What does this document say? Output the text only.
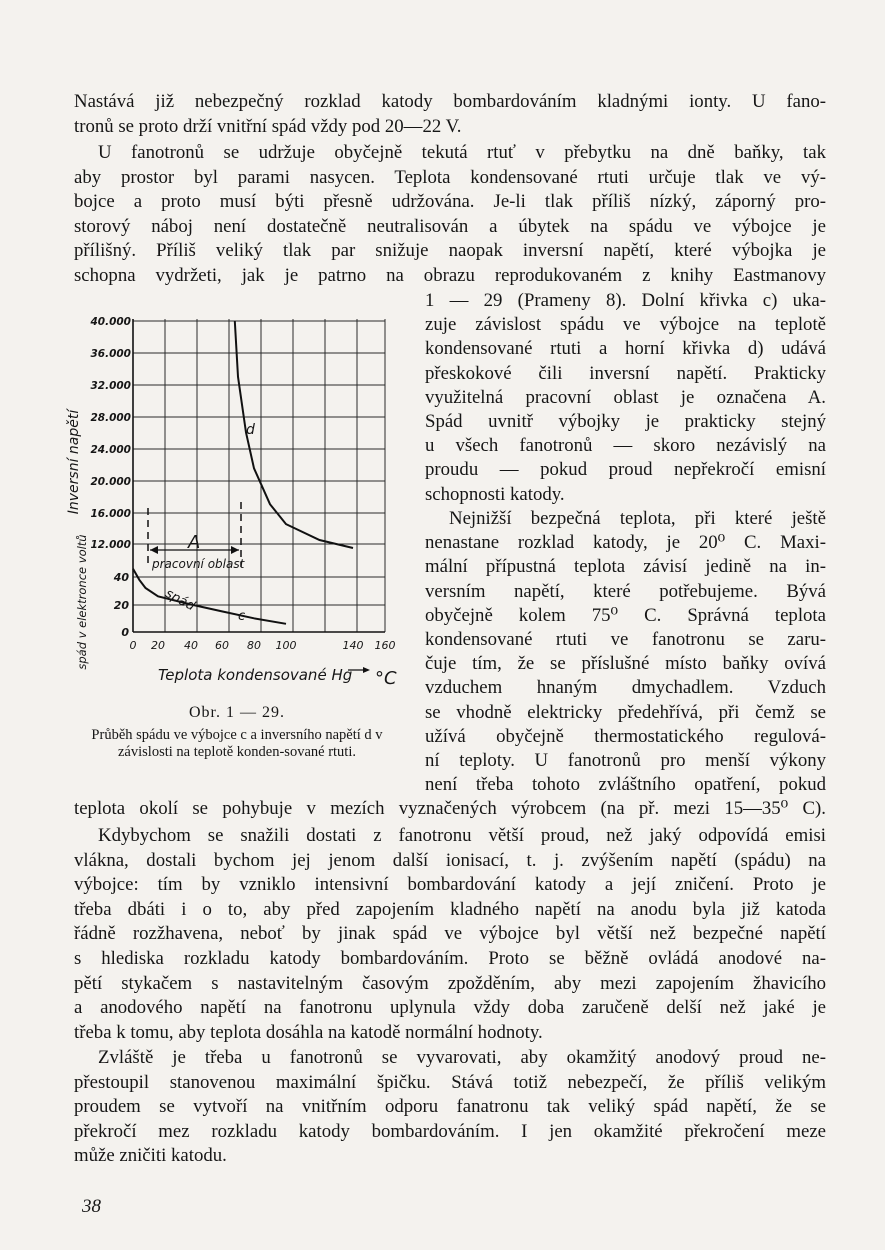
Nastává již nebezpečný rozklad katody bombardováním kladnými ionty. U fano-
tronů se proto drží vnitřní spád vždy pod 20—22 V.

U fanotronů se udržuje obyčejně tekutá rtuť v přebytku na dně baňky, tak
aby prostor byl parami nasycen. Teplota kondensované rtuti určuje tlak ve vý-
bojce a proto musí býti přesně udržována. Je-li tlak příliš nízký, záporný pro-
storový náboj není dostatečně neutralisován a úbytek na spádu ve výbojce je
přílišný. Příliš veliký tlak par snižuje naopak inversní napětí, které výbojka je
schopna vydržeti, jak je patrno na obrazu reprodukovaném z knihy Eastmanovy

1 — 29 (Prameny 8). Dolní křivka c) uka-
zuje závislost spádu ve výbojce na teplotě
kondensované rtuti a horní křivka d) udává
přeskokové čili inversní napětí. Prakticky
využitelná pracovní oblast je označena A.
Spád uvnitř výbojky je prakticky stejný
u všech fanotronů — skoro nezávislý na
proudu — pokud proud nepřekročí emisní
schopnosti katody.
Nejnižší bezpečná teplota, při které ještě
nenastane rozklad katody, je 20⁰ C. Maxi-
mální přípustná teplota závisí jedině na in-
versním napětí, které potřebujeme. Bývá
obyčejně kolem 75⁰ C. Správná teplota
kondensované rtuti ve fanotronu se zaru-
čuje tím, že se příslušné místo baňky ovívá
vzduchem hnaným dmychadlem. Vzduch
se vhodně elektricky předehřívá, při čemž se
užívá obyčejně thermostatického regulová-
ní teploty. U fanotronů pro menší výkony
není třeba tohoto zvláštního opatření, pokud
40.000
36.000
32.000
28.000
24.000
20.000
16.000
12.000
0
20
40
0 20 40 60 80 100	140 160
d
c
spád
A
pracovní oblast
Inversní napětí
spád v elektronce voltů
Teplota kondensované Hg °C
Obr. 1 — 29.
Průběh spádu ve výbojce c a inversního napětí d v závislosti na teplotě konden-sované rtuti.

teplota okolí se pohybuje v mezích vyznačených výrobcem (na př. mezi 15—35⁰ C).

Kdybychom se snažili dostati z fanotronu větší proud, než jaký odpovídá emisi
vlákna, dostali bychom jej jenom další ionisací, t. j. zvýšením napětí (spádu) na
výbojce: tím by vzniklo intensivní bombardování katody a její zničení. Proto je
třeba dbáti i o to, aby před zapojením kladného napětí na anodu byla již katoda
řádně rozžhavena, neboť by jinak spád ve výbojce byl větší než bezpečné napětí
s hlediska rozkladu katody bombardováním. Proto se běžně ovládá anodové na-
pětí stykačem s nastavitelným časovým zpožděním, aby mezi zapojením žhavicího
a anodového napětí na fanotronu uplynula vždy doba zaručeně delší než jaké je
třeba k tomu, aby teplota dosáhla na katodě normální hodnoty.

Zvláště je třeba u fanotronů se vyvarovati, aby okamžitý anodový proud ne-
přestoupil stanovenou maximální špičku. Stává totiž nebezpečí, že příliš velikým
proudem se vytvoří na vnitřním odporu fanatronu tak veliký spád napětí, že se
překročí mez rozkladu katody bombardováním. I jen okamžité překročení meze
může zničiti katodu.

38
